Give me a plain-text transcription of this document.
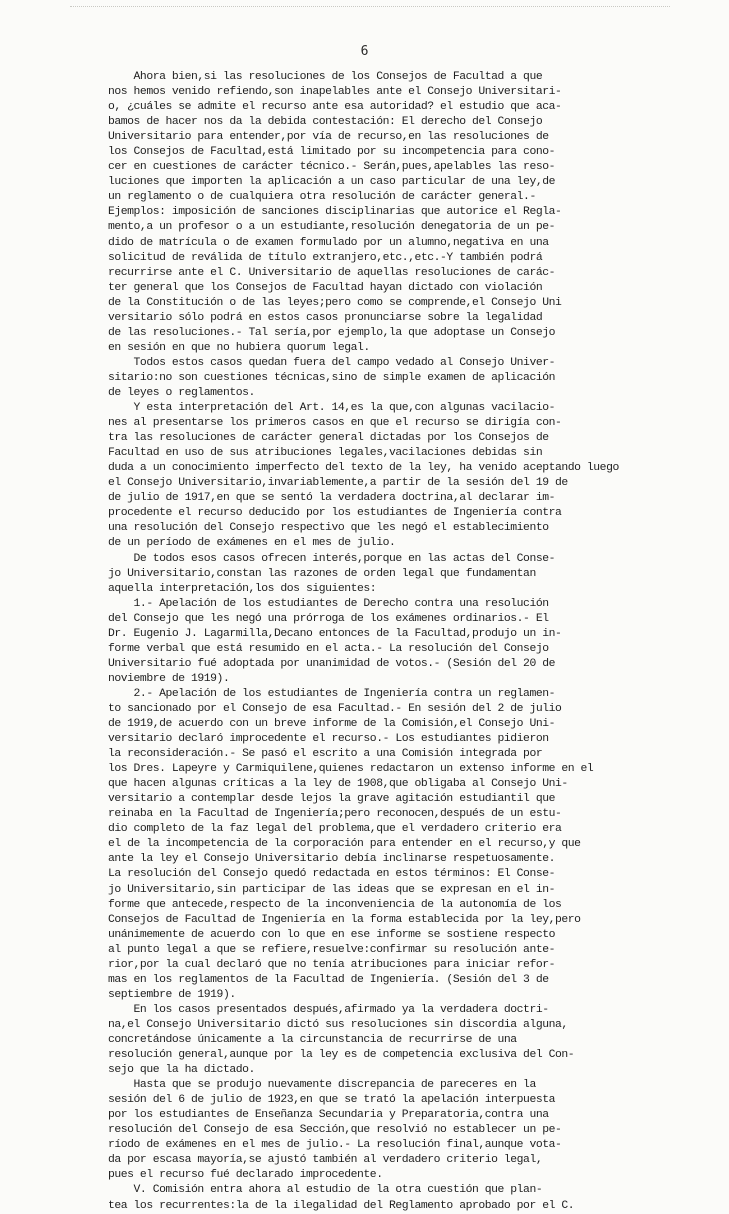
6
Ahora bien,si las resoluciones de los Consejos de Facultad a que
nos hemos venido refiendo,son inapelables ante el Consejo Universitari-
o, ¿cuáles se admite el recurso ante esa autoridad? el estudio que aca-
bamos de hacer nos da la debida contestación: El derecho del Consejo
Universitario para entender,por vía de recurso,en las resoluciones de
los Consejos de Facultad,está limitado por su incompetencia para cono-
cer en cuestiones de carácter técnico.- Serán,pues,apelables las reso-
luciones que importen la aplicación a un caso particular de una ley,de
un reglamento o de cualquiera otra resolución de carácter general.-
Ejemplos: imposición de sanciones disciplinarias que autorice el Regla-
mento,a un profesor o a un estudiante,resolución denegatoria de un pe-
dido de matrícula o de examen formulado por un alumno,negativa en una
solicitud de reválida de título extranjero,etc.,etc.-Y también podrá
recurrirse ante el C. Universitario de aquellas resoluciones de carác-
ter general que los Consejos de Facultad hayan dictado con violación
de la Constitución o de las leyes;pero como se comprende,el Consejo Uni
versitario sólo podrá en estos casos pronunciarse sobre la legalidad
de las resoluciones.- Tal sería,por ejemplo,la que adoptase un Consejo
en sesión en que no hubiera quorum legal.
Todos estos casos quedan fuera del campo vedado al Consejo Univer-
sitario:no son cuestiones técnicas,sino de simple examen de aplicación
de leyes o reglamentos.
Y esta interpretación del Art. 14,es la que,con algunas vacilacio-
nes al presentarse los primeros casos en que el recurso se dirigía con-
tra las resoluciones de carácter general dictadas por los Consejos de
Facultad en uso de sus atribuciones legales,vacilaciones debidas sin
duda a un conocimiento imperfecto del texto de la ley, ha venido aceptando luego
el Consejo Universitario,invariablemente,a partir de la sesión del 19 de
de julio de 1917,en que se sentó la verdadera doctrina,al declarar im-
procedente el recurso deducido por los estudiantes de Ingeniería contra
una resolución del Consejo respectivo que les negó el establecimiento
de un período de exámenes en el mes de julio.
De todos esos casos ofrecen interés,porque en las actas del Conse-
jo Universitario,constan las razones de orden legal que fundamentan
aquella interpretación,los dos siguientes:
1.- Apelación de los estudiantes de Derecho contra una resolución
del Consejo que les negó una prórroga de los exámenes ordinarios.- El
Dr. Eugenio J. Lagarmilla,Decano entonces de la Facultad,produjo un in-
forme verbal que está resumido en el acta.- La resolución del Consejo
Universitario fué adoptada por unanimidad de votos.- (Sesión del 20 de
noviembre de 1919).
2.- Apelación de los estudiantes de Ingeniería contra un reglamen-
to sancionado por el Consejo de esa Facultad.- En sesión del 2 de julio
de 1919,de acuerdo con un breve informe de la Comisión,el Consejo Uni-
versitario declaró improcedente el recurso.- Los estudiantes pidieron
la reconsideración.- Se pasó el escrito a una Comisión integrada por
los Dres. Lapeyre y Carmiquilene,quienes redactaron un extenso informe en el
que hacen algunas críticas a la ley de 1908,que obligaba al Consejo Uni-
versitario a contemplar desde lejos la grave agitación estudiantil que
reinaba en la Facultad de Ingeniería;pero reconocen,después de un estu-
dio completo de la faz legal del problema,que el verdadero criterio era
el de la incompetencia de la corporación para entender en el recurso,y que
ante la ley el Consejo Universitario debía inclinarse respetuosamente.
La resolución del Consejo quedó redactada en estos términos: El Conse-
jo Universitario,sin participar de las ideas que se expresan en el in-
forme que antecede,respecto de la inconveniencia de la autonomía de los
Consejos de Facultad de Ingeniería en la forma establecida por la ley,pero
unánimemente de acuerdo con lo que en ese informe se sostiene respecto
al punto legal a que se refiere,resuelve:confirmar su resolución ante-
rior,por la cual declaró que no tenía atribuciones para iniciar refor-
mas en los reglamentos de la Facultad de Ingeniería. (Sesión del 3 de
septiembre de 1919).
En los casos presentados después,afirmado ya la verdadera doctri-
na,el Consejo Universitario dictó sus resoluciones sin discordia alguna,
concretándose únicamente a la circunstancia de recurrirse de una
resolución general,aunque por la ley es de competencia exclusiva del Con-
sejo que la ha dictado.
Hasta que se produjo nuevamente discrepancia de pareceres en la
sesión del 6 de julio de 1923,en que se trató la apelación interpuesta
por los estudiantes de Enseñanza Secundaria y Preparatoria,contra una
resolución del Consejo de esa Sección,que resolvió no establecer un pe-
ríodo de exámenes en el mes de julio.- La resolución final,aunque vota-
da por escasa mayoría,se ajustó también al verdadero criterio legal,
pues el recurso fué declarado improcedente.
V. Comisión entra ahora al estudio de la otra cuestión que plan-
tea los recurrentes:la de la ilegalidad del Reglamento aprobado por el C.
